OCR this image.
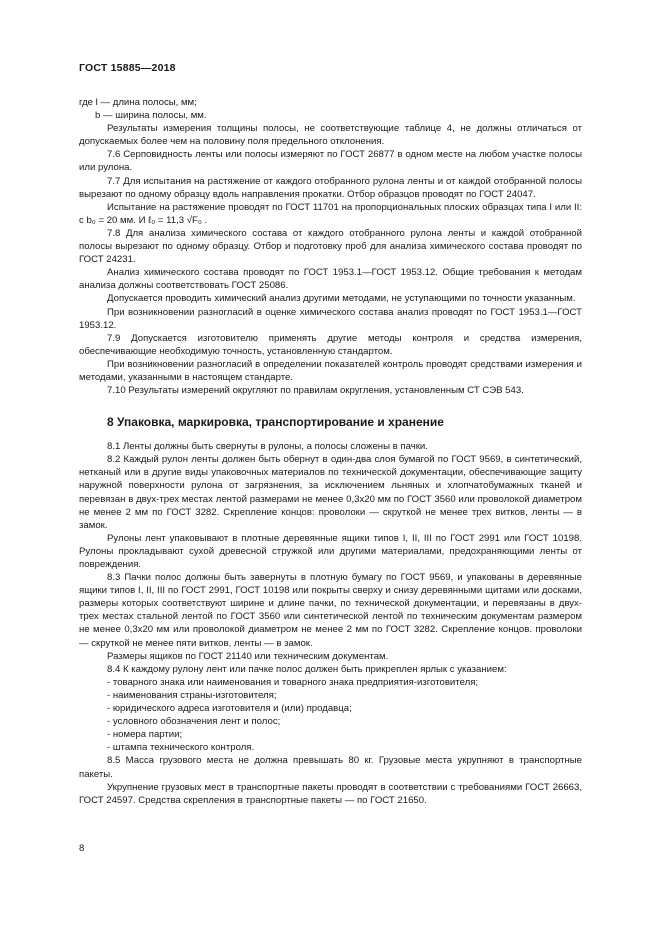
ГОСТ 15885—2018

где l — длина полосы, мм;

b — ширина полосы, мм.

Результаты измерения толщины полосы, не соответствующие таблице 4, не должны отличаться от допускаемых более чем на половину поля предельного отклонения.

7.6 Серповидность ленты или полосы измеряют по ГОСТ 26877 в одном месте на любом участке полосы или рулона.

7.7 Для испытания на растяжение от каждого отобранного рулона ленты и от каждой отобранной полосы вырезают по одному образцу вдоль направления прокатки. Отбор образцов проводят по ГОСТ 24047.

Испытание на растяжение проводят по ГОСТ 11701 на пропорциональных плоских образцах типа I или II: с b₀ = 20 мм. И ℓ₀ = 11,3 √F₀ .

7.8 Для анализа химического состава от каждого отобранного рулона ленты и каждой отобранной полосы вырезают по одному образцу. Отбор и подготовку проб для анализа химического состава проводят по ГОСТ 24231.

Анализ химического состава проводят по ГОСТ 1953.1—ГОСТ 1953.12. Общие требования к методам анализа должны соответствовать ГОСТ 25086.

Допускается проводить химический анализ другими методами, не уступающими по точности указанным.

При возникновении разногласий в оценке химического состава анализ проводят по ГОСТ 1953.1—ГОСТ 1953.12.

7.9 Допускается изготовителю применять другие методы контроля и средства измерения, обеспечивающие необходимую точность, установленную стандартом.

При возникновении разногласий в определении показателей контроль проводят средствами измерения и методами, указанными в настоящем стандарте.

7.10 Результаты измерений округляют по правилам округления, установленным СТ СЭВ 543.

8 Упаковка, маркировка, транспортирование и хранение

8.1 Ленты должны быть свернуты в рулоны, а полосы сложены в пачки.

8.2 Каждый рулон ленты должен быть обернут в один-два слоя бумагой по ГОСТ 9569, в синтетический, нетканый или в другие виды упаковочных материалов по технической документации, обеспечивающие защиту наружной поверхности рулона от загрязнения, за исключением льняных и хлопчатобумажных тканей и перевязан в двух-трех местах лентой размерами не менее 0,3х20 мм по ГОСТ 3560 или проволокой диаметром не менее 2 мм по ГОСТ 3282. Скрепление концов: проволоки — скруткой не менее трех витков, ленты — в замок.

Рулоны лент упаковывают в плотные деревянные ящики типов I, II, III по ГОСТ 2991 или ГОСТ 10198. Рулоны прокладывают сухой древесной стружкой или другими материалами, предохраняющими ленты от повреждения.

8.3 Пачки полос должны быть завернуты в плотную бумагу по ГОСТ 9569, и упакованы в деревянные ящики типов I, II, III по ГОСТ 2991, ГОСТ 10198 или покрыты сверху и снизу деревянными щитами или досками, размеры которых соответствуют ширине и длине пачки, по технической документации, и перевязаны в двух-трех местах стальной лентой по ГОСТ 3560 или синтетической лентой по техническим документам размером не менее 0,3х20 мм или проволокой диаметром не менее 2 мм по ГОСТ 3282. Скрепление концов. проволоки — скруткой не менее пяти витков, ленты — в замок.

Размеры ящиков по ГОСТ 21140 или техническим документам.

8.4 К каждому рулону лент или пачке полос должен быть прикреплен ярлык с указанием:

- товарного знака или наименования и товарного знака предприятия-изготовителя;

- наименования страны-изготовителя;

- юридического адреса изготовителя и (или) продавца;

- условного обозначения лент и полос;

- номера партии;

- штампа технического контроля.

8.5 Масса грузового места не должна превышать 80 кг. Грузовые места укрупняют в транспортные пакеты.

Укрупнение грузовых мест в транспортные пакеты проводят в соответствии с требованиями ГОСТ 26663, ГОСТ 24597. Средства скрепления в транспортные пакеты — по ГОСТ 21650.

8
